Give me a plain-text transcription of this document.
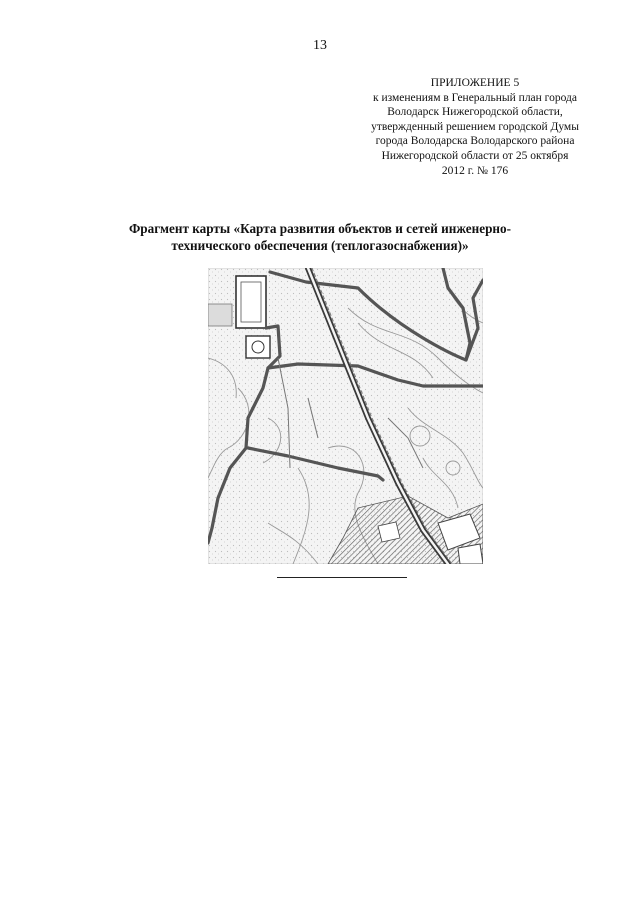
13
ПРИЛОЖЕНИЕ 5
к изменениям в Генеральный план города
Володарск Нижегородской области,
утвержденный решением городской Думы
города Володарска Володарского района
Нижегородской области от 25 октября
2012 г. № 176
Фрагмент карты «Карта развития объектов и сетей инженерно-
технического обеспечения (теплогазоснабжения)»
